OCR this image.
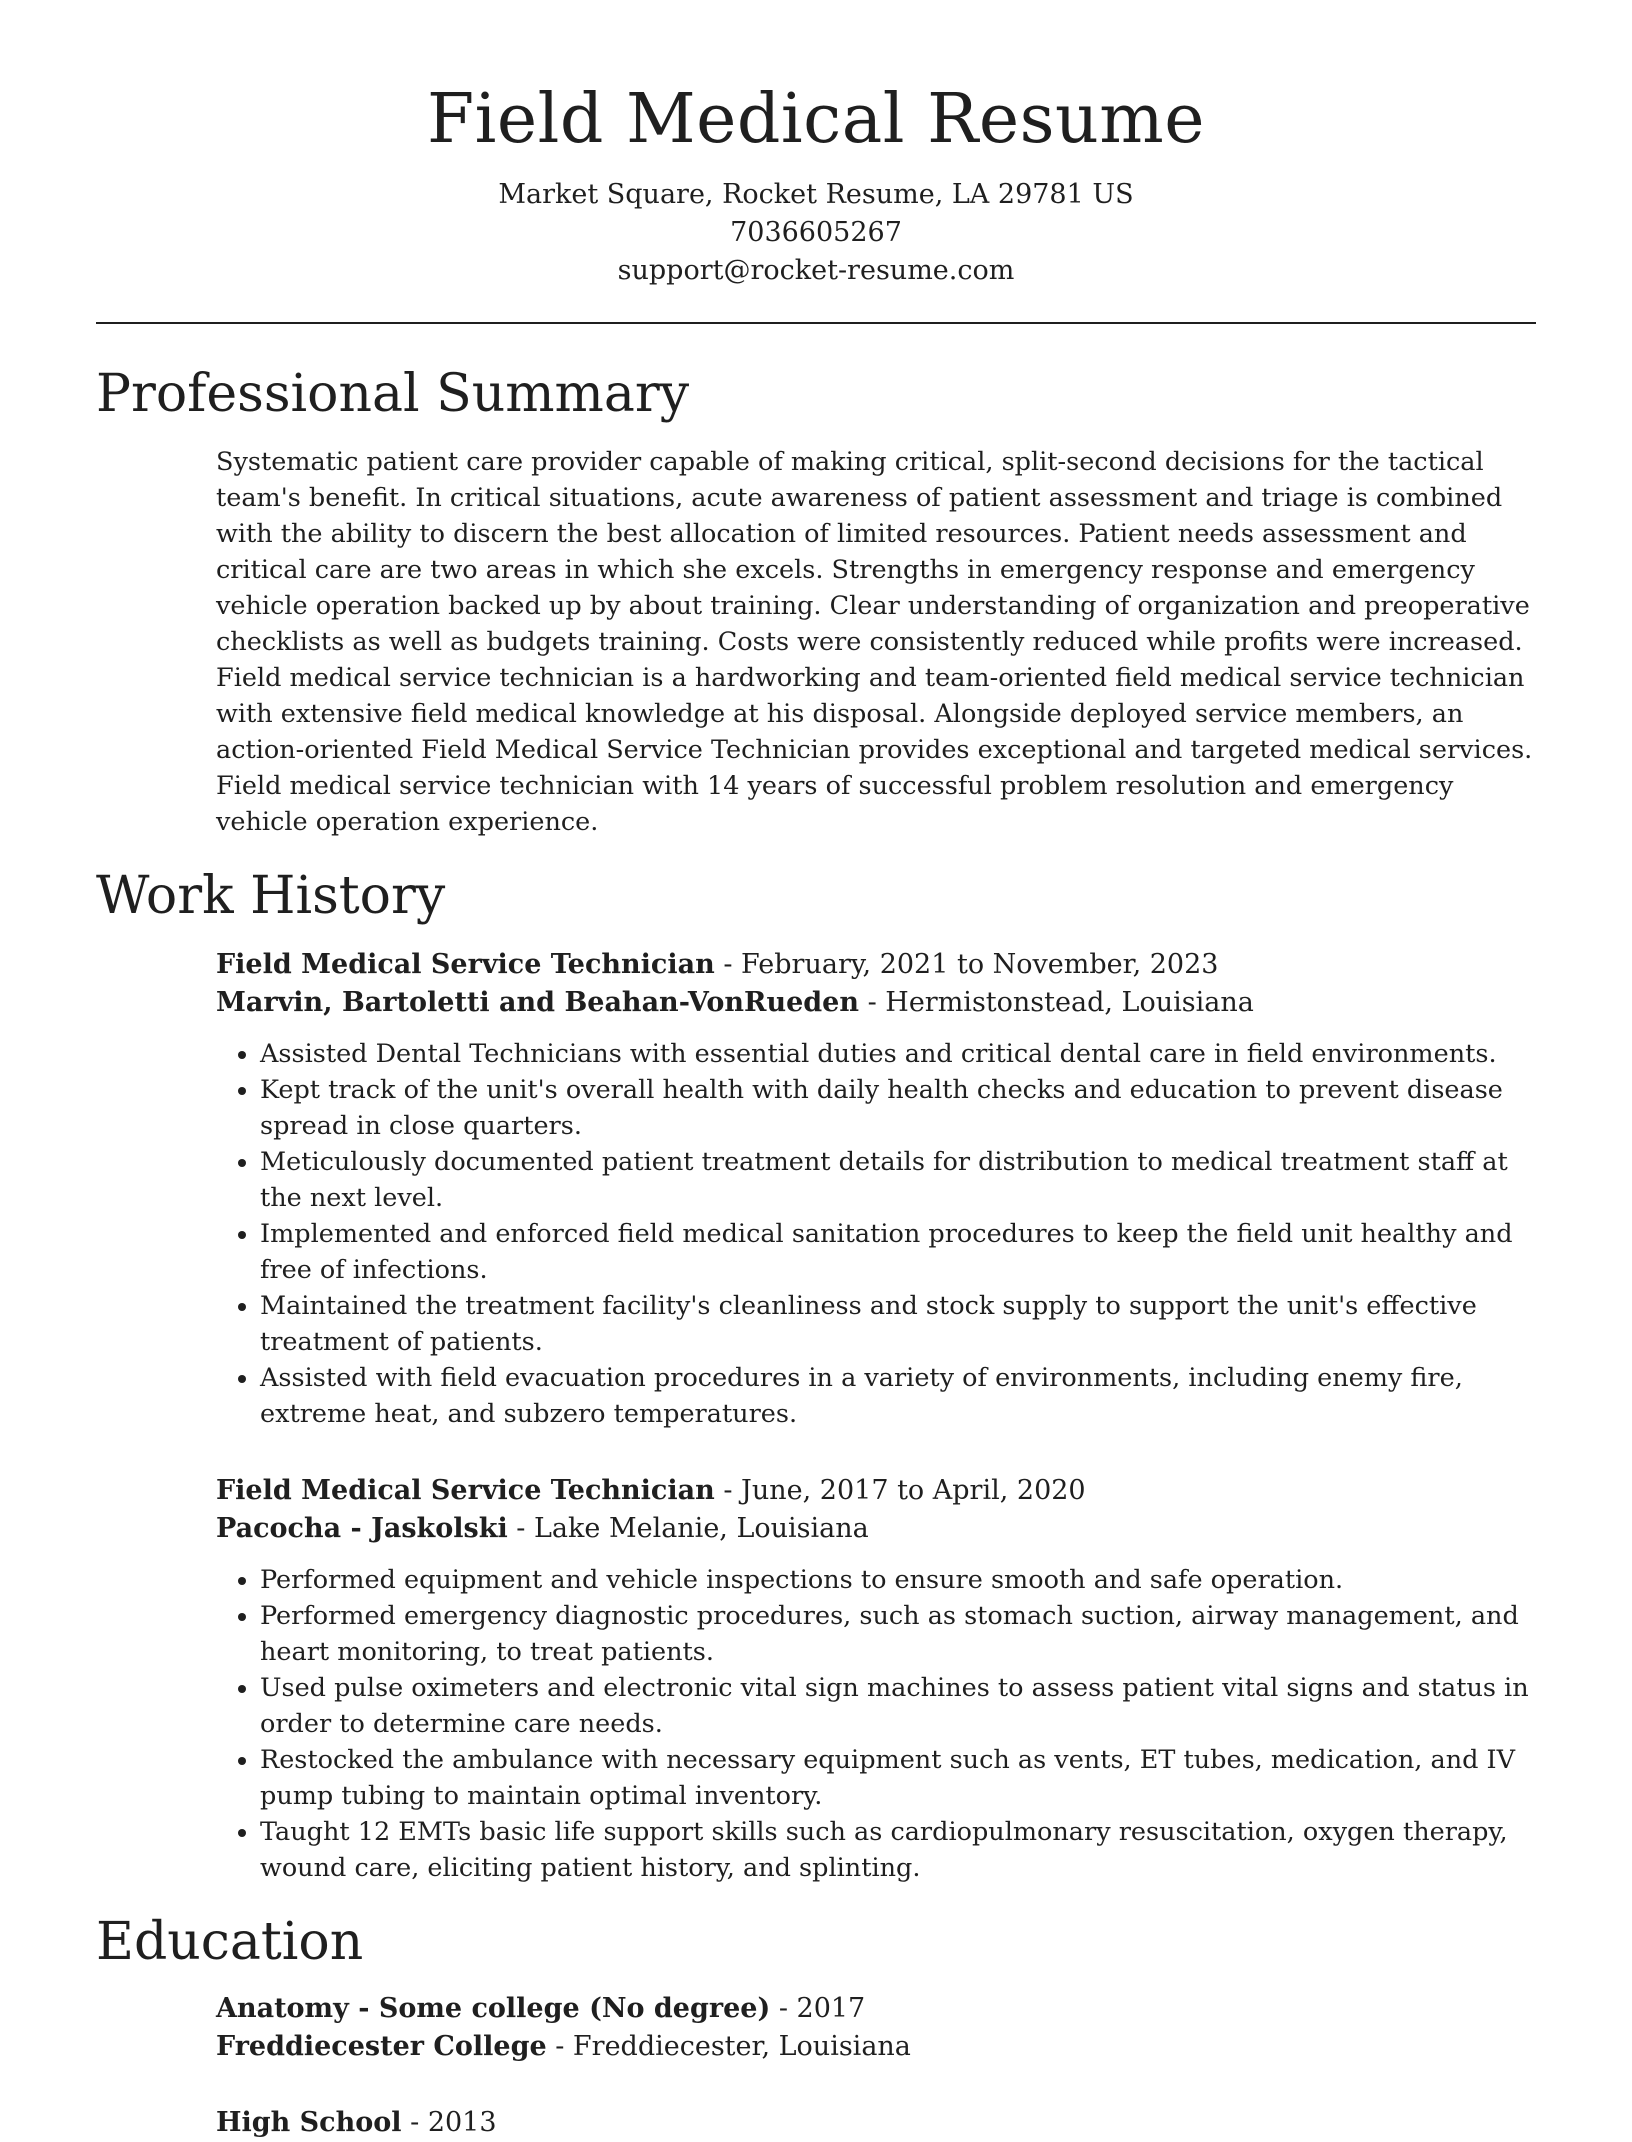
Field Medical Resume
Market Square, Rocket Resume, LA 29781 US
7036605267
support@rocket-resume.com
Professional Summary
Systematic patient care provider capable of making critical, split-second decisions for the tactical team's benefit. In critical situations, acute awareness of patient assessment and triage is combined with the ability to discern the best allocation of limited resources. Patient needs assessment and critical care are two areas in which she excels. Strengths in emergency response and emergency vehicle operation backed up by about training. Clear understanding of organization and preoperative checklists as well as budgets training. Costs were consistently reduced while profits were increased. Field medical service technician is a hardworking and team-oriented field medical service technician with extensive field medical knowledge at his disposal. Alongside deployed service members, an action-oriented Field Medical Service Technician provides exceptional and targeted medical services. Field medical service technician with 14 years of successful problem resolution and emergency vehicle operation experience.
Work History
Field Medical Service Technician - February, 2021 to November, 2023
Marvin, Bartoletti and Beahan-VonRueden - Hermistonstead, Louisiana
• Assisted Dental Technicians with essential duties and critical dental care in field environments.
• Kept track of the unit's overall health with daily health checks and education to prevent disease spread in close quarters.
• Meticulously documented patient treatment details for distribution to medical treatment staff at the next level.
• Implemented and enforced field medical sanitation procedures to keep the field unit healthy and free of infections.
• Maintained the treatment facility's cleanliness and stock supply to support the unit's effective treatment of patients.
• Assisted with field evacuation procedures in a variety of environments, including enemy fire, extreme heat, and subzero temperatures.
Field Medical Service Technician - June, 2017 to April, 2020
Pacocha - Jaskolski - Lake Melanie, Louisiana
• Performed equipment and vehicle inspections to ensure smooth and safe operation.
• Performed emergency diagnostic procedures, such as stomach suction, airway management, and heart monitoring, to treat patients.
• Used pulse oximeters and electronic vital sign machines to assess patient vital signs and status in order to determine care needs.
• Restocked the ambulance with necessary equipment such as vents, ET tubes, medication, and IV pump tubing to maintain optimal inventory.
• Taught 12 EMTs basic life support skills such as cardiopulmonary resuscitation, oxygen therapy, wound care, eliciting patient history, and splinting.
Education
Anatomy - Some college (No degree) - 2017
Freddiecester College - Freddiecester, Louisiana
High School - 2013
